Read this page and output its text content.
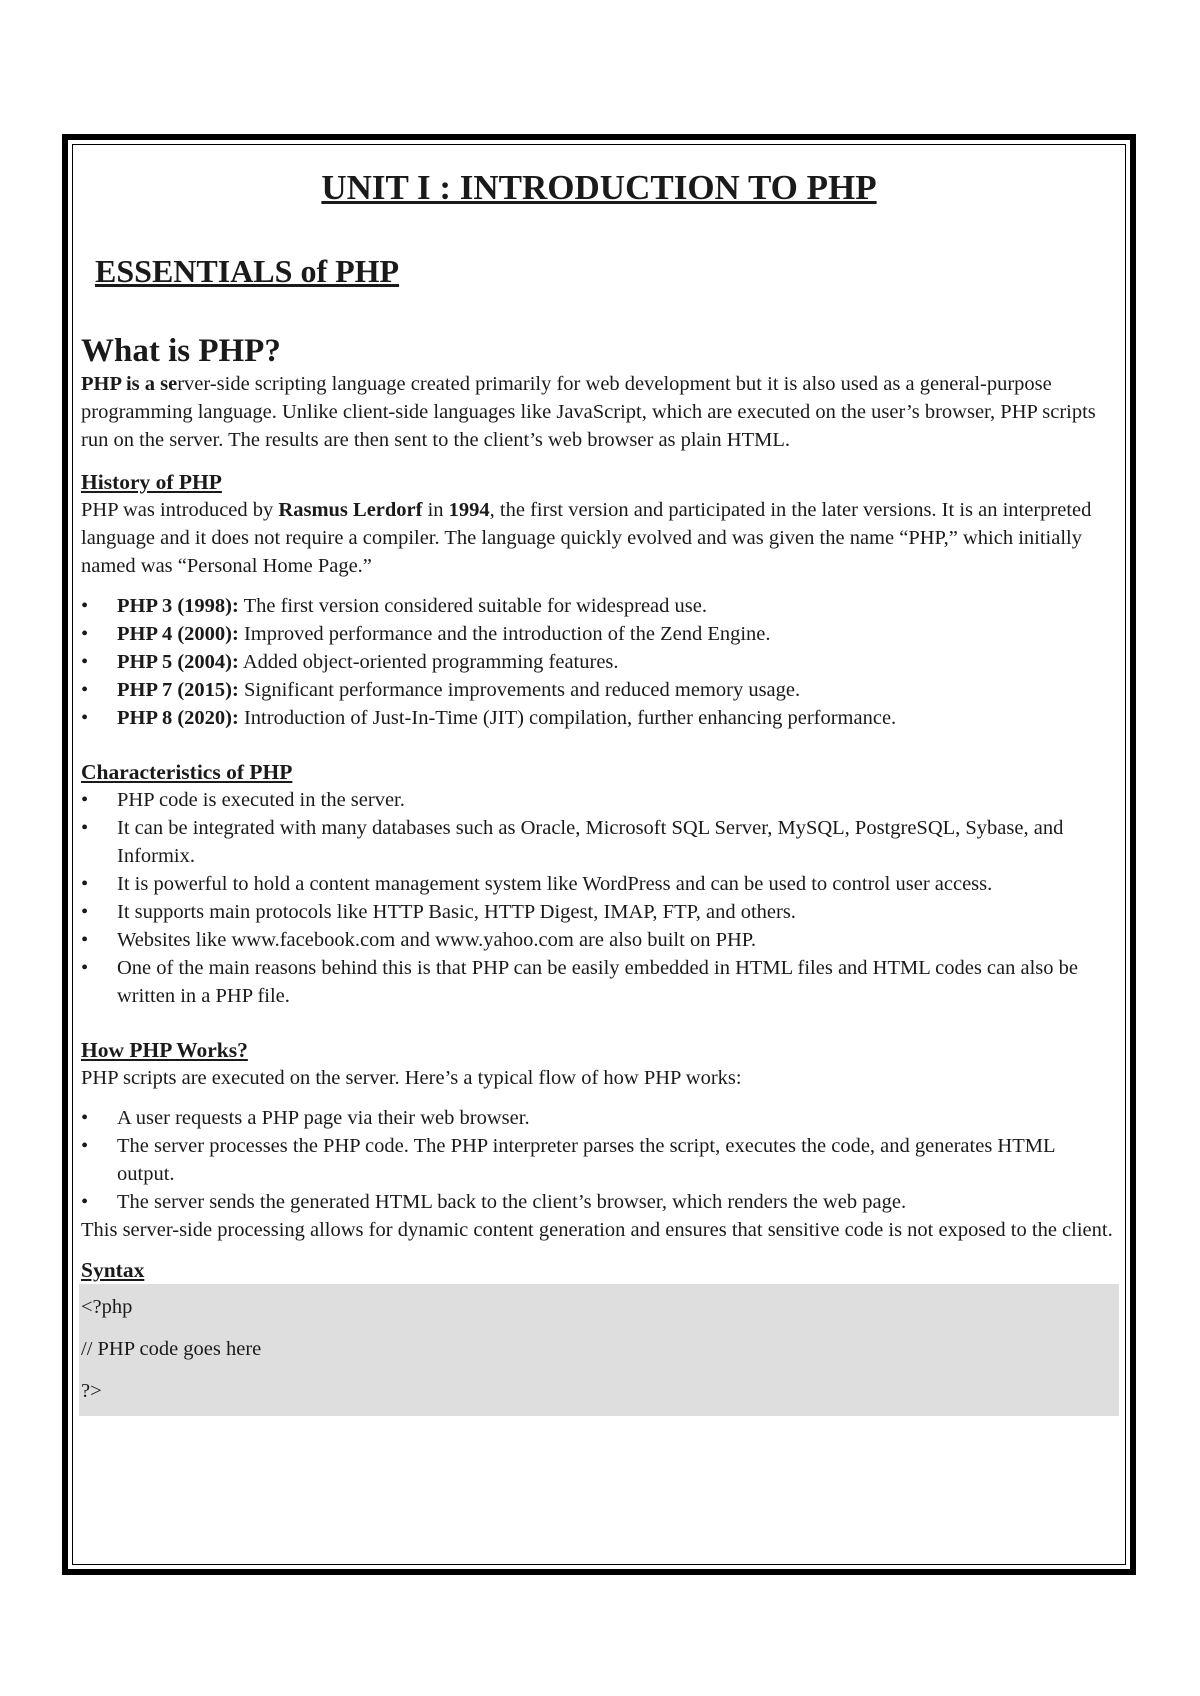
UNIT I : INTRODUCTION TO PHP
ESSENTIALS of PHP
What is PHP?

PHP is a server-side scripting language created primarily for web development but it is also used as a general-purpose programming language. Unlike client-side languages like JavaScript, which are executed on the user’s browser, PHP scripts run on the server. The results are then sent to the client’s web browser as plain HTML.

History of PHP

PHP was introduced by Rasmus Lerdorf in 1994, the first version and participated in the later versions. It is an interpreted language and it does not require a compiler. The language quickly evolved and was given the name “PHP,” which initially named was “Personal Home Page.”

• PHP 3 (1998): The first version considered suitable for widespread use.
• PHP 4 (2000): Improved performance and the introduction of the Zend Engine.
• PHP 5 (2004): Added object-oriented programming features.
• PHP 7 (2015): Significant performance improvements and reduced memory usage.
• PHP 8 (2020): Introduction of Just-In-Time (JIT) compilation, further enhancing performance.
Characteristics of PHP
• PHP code is executed in the server.
• It can be integrated with many databases such as Oracle, Microsoft SQL Server, MySQL, PostgreSQL, Sybase, and Informix.
• It is powerful to hold a content management system like WordPress and can be used to control user access.
• It supports main protocols like HTTP Basic, HTTP Digest, IMAP, FTP, and others.
• Websites like www.facebook.com and www.yahoo.com are also built on PHP.
• One of the main reasons behind this is that PHP can be easily embedded in HTML files and HTML codes can also be written in a PHP file.
How PHP Works?

PHP scripts are executed on the server. Here’s a typical flow of how PHP works:

• A user requests a PHP page via their web browser.
• The server processes the PHP code. The PHP interpreter parses the script, executes the code, and generates HTML output.
• The server sends the generated HTML back to the client’s browser, which renders the web page.

This server-side processing allows for dynamic content generation and ensures that sensitive code is not exposed to the client.

Syntax
<?php
// PHP code goes here
?>
